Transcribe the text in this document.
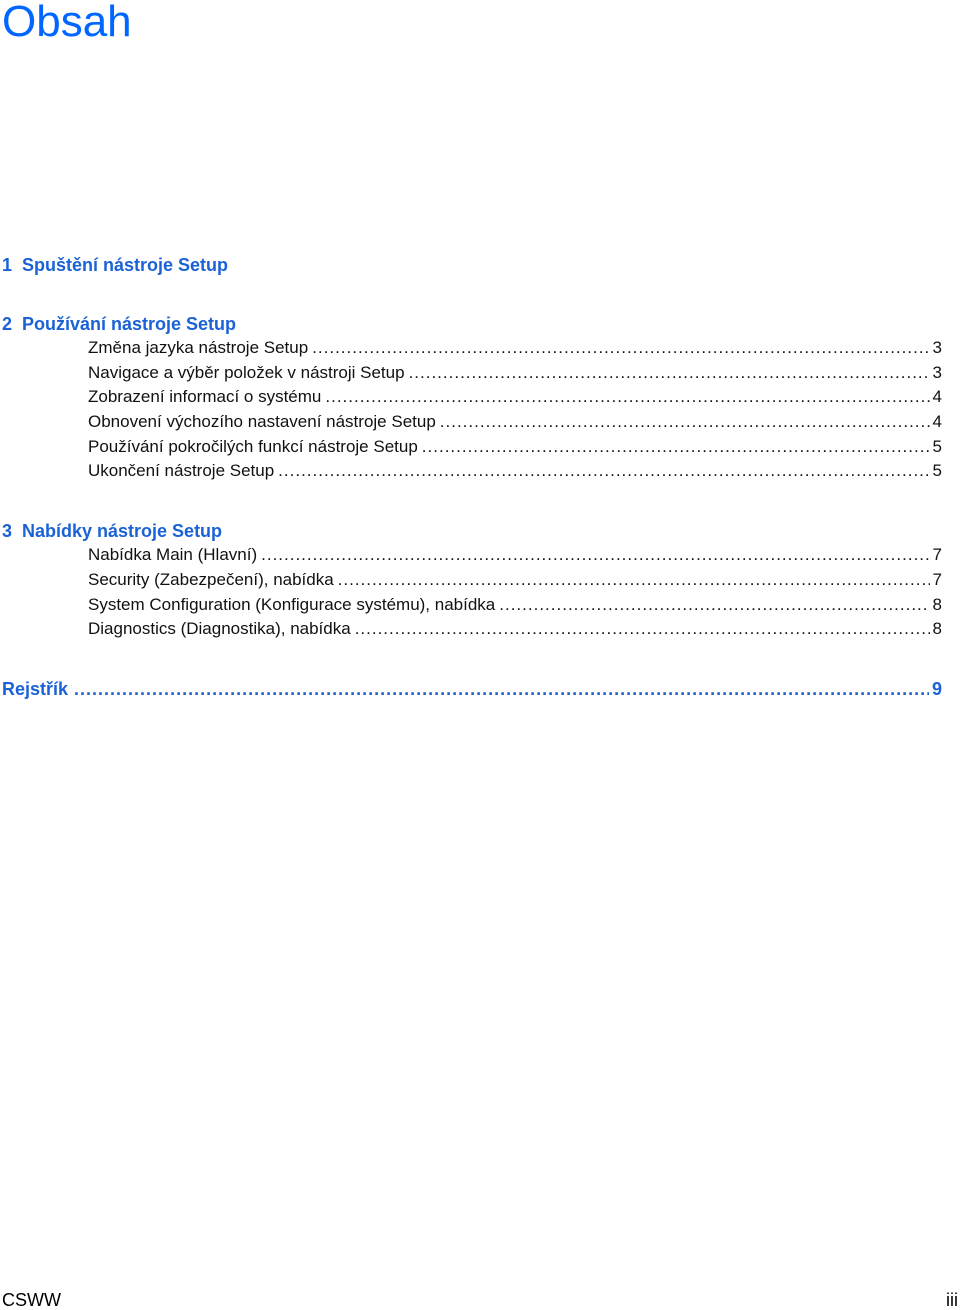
Obsah
1 Spuštění nástroje Setup
2 Používání nástroje Setup
Změna jazyka nástroje Setup .....	3
Navigace a výběr položek v nástroji Setup .....	3
Zobrazení informací o systému .....	4
Obnovení výchozího nastavení nástroje Setup .....	4
Používání pokročilých funkcí nástroje Setup .....	5
Ukončení nástroje Setup .....	5
3 Nabídky nástroje Setup
Nabídka Main (Hlavní) .....	7
Security (Zabezpečení), nabídka .....	7
System Configuration (Konfigurace systému), nabídka .....	8
Diagnostics (Diagnostika), nabídka .....	8
Rejstřík .....	9
CSWW	iii
